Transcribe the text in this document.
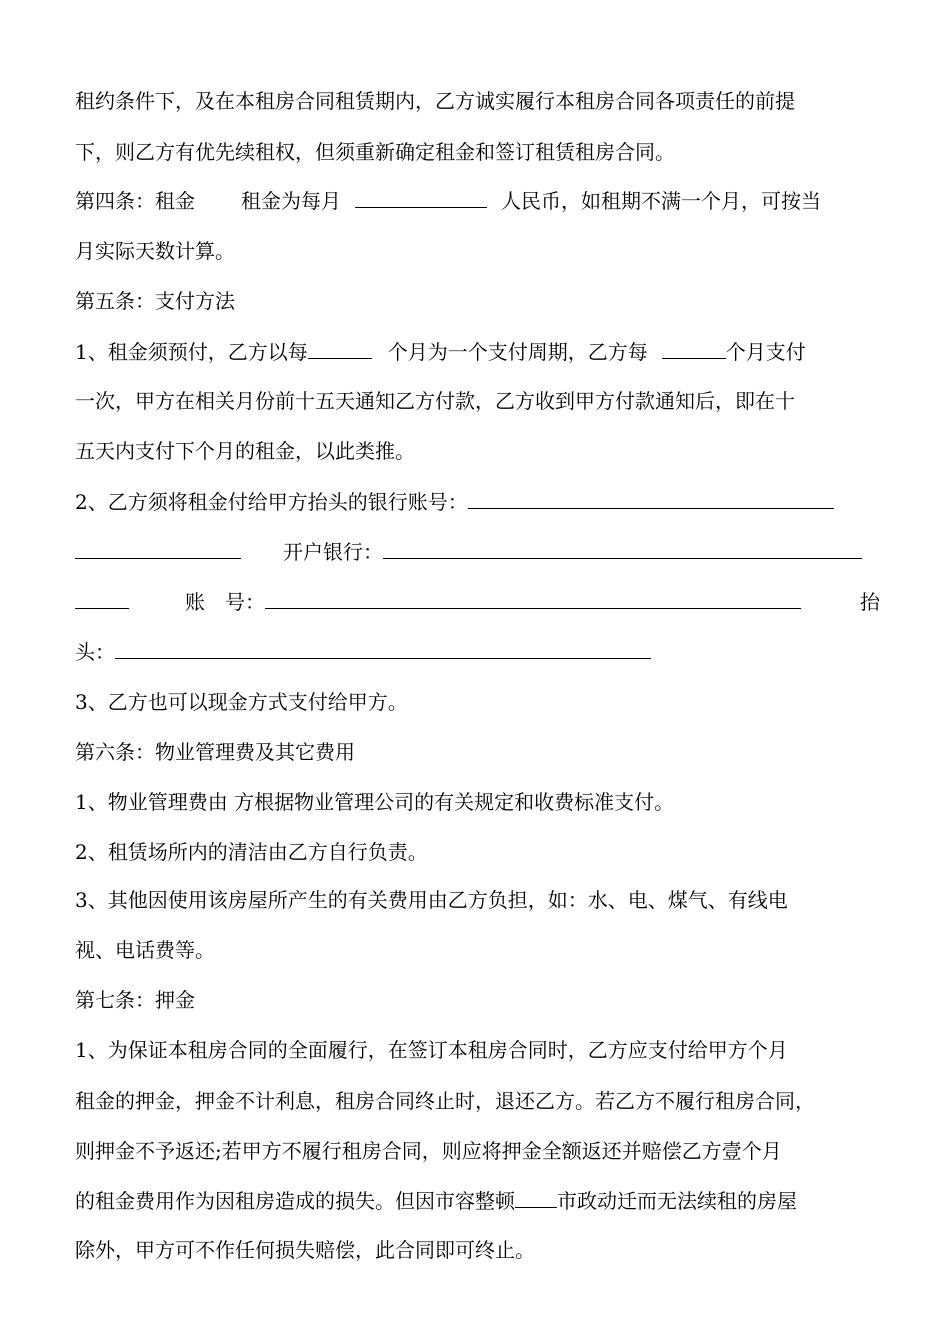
租约条件下，及在本租房合同租赁期内，乙方诚实履行本租房合同各项责任的前提
下，则乙方有优先续租权，但须重新确定租金和签订租赁租房合同。
第四条：租金 租金为每月	人民币，如租期不满一个月，可按当
月实际天数计算。
第五条：支付方法
1、租金须预付，乙方以每	个月为一个支付周期，乙方每	个月支付
一次，甲方在相关月份前十五天通知乙方付款，乙方收到甲方付款通知后，即在十
五天内支付下个月的租金，以此类推。
2、乙方须将租金付给甲方抬头的银行账号：
开户银行：
账　号：	抬
头：
3、乙方也可以现金方式支付给甲方。
第六条：物业管理费及其它费用
1、物业管理费由 方根据物业管理公司的有关规定和收费标准支付。
2、租赁场所内的清洁由乙方自行负责。
3、其他因使用该房屋所产生的有关费用由乙方负担，如：水、电、煤气、有线电
视、电话费等。
第七条：押金
1、为保证本租房合同的全面履行，在签订本租房合同时，乙方应支付给甲方个月
租金的押金，押金不计利息，租房合同终止时，退还乙方。若乙方不履行租房合同，
则押金不予返还;若甲方不履行租房合同，则应将押金全额返还并赔偿乙方壹个月
的租金费用作为因租房造成的损失。但因市容整顿 市政动迁而无法续租的房屋
除外，甲方可不作任何损失赔偿，此合同即可终止。
